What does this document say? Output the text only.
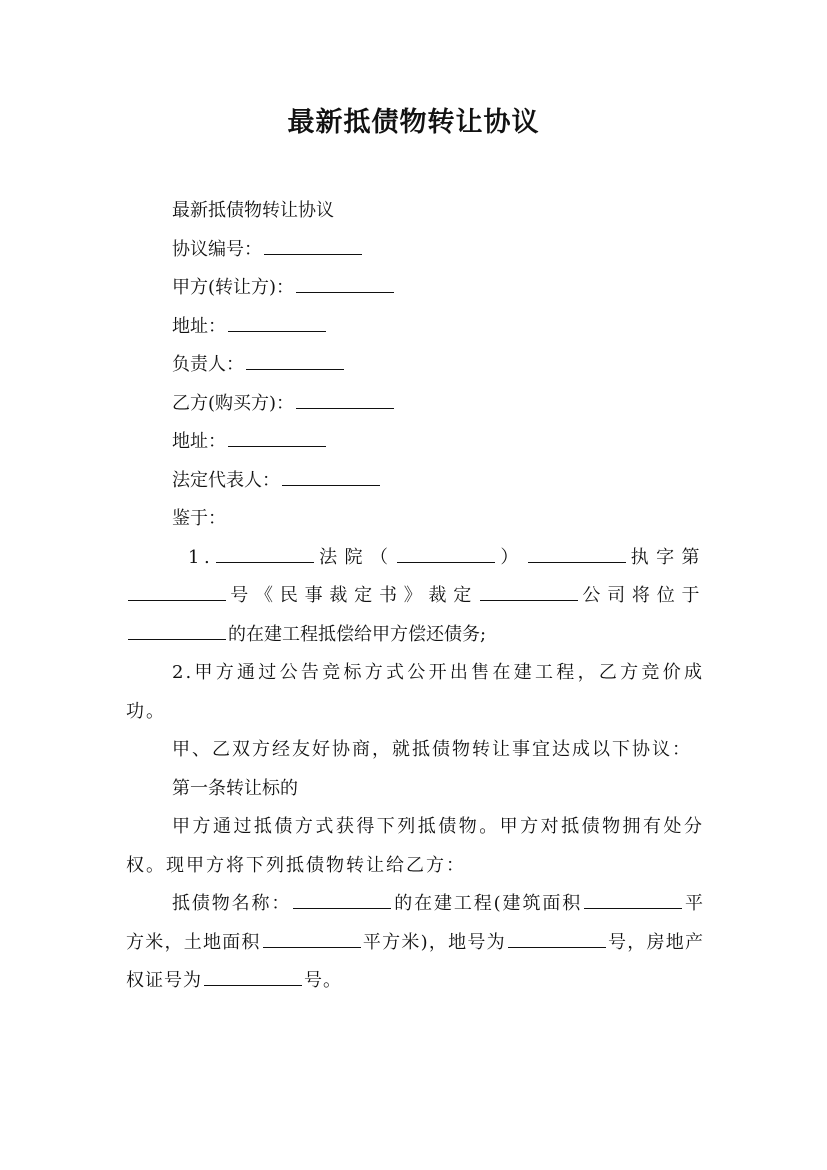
最新抵债物转让协议

最新抵债物转让协议

协议编号：

甲方(转让方)：

地址：

负责人：

乙方(购买方)：

地址：

法定代表人：

鉴于：

1.	法院（	）	执字第号《民事裁定书》裁定	公司将位于的在建工程抵偿给甲方偿还债务;

2.甲方通过公告竞标方式公开出售在建工程，乙方竞价成功。

甲、乙双方经友好协商，就抵债物转让事宜达成以下协议：

第一条转让标的

甲方通过抵债方式获得下列抵债物。甲方对抵债物拥有处分权。现甲方将下列抵债物转让给乙方：

抵债物名称：	的在建工程(建筑面积	平方米，土地面积	平方米)，地号为	号，房地产权证号为	号。
